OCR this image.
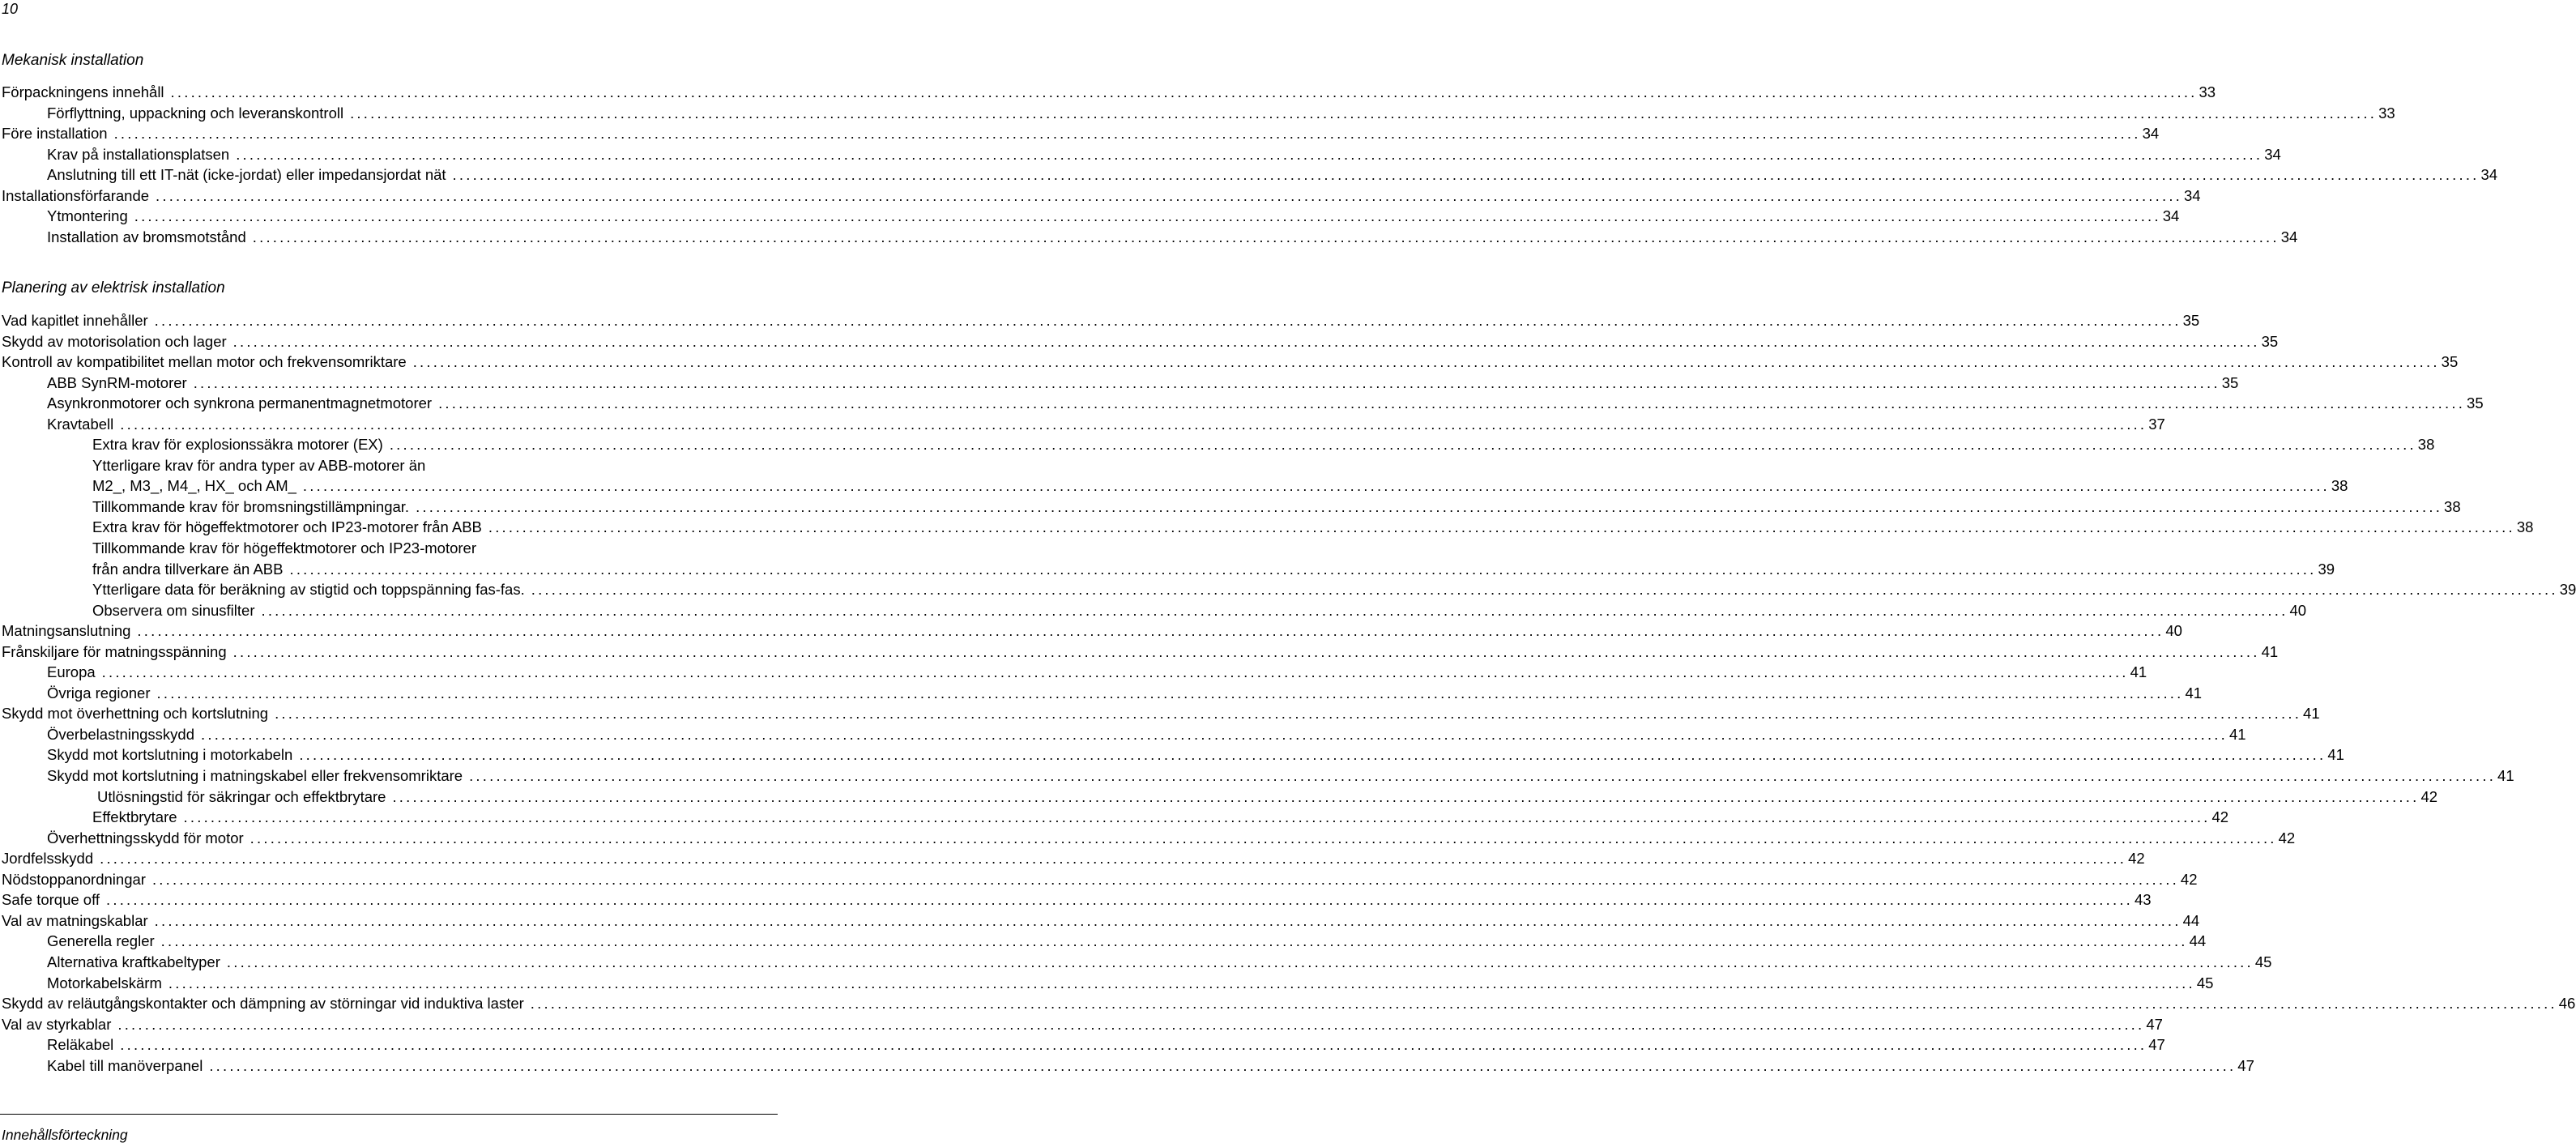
10
Mekanisk installation
Förpackningens innehåll ............................................................................................................................................................................................................................................................................................................ 33
Förflyttning, uppackning och leveranskontroll ............................................................................................................................................................................................................................................................................................................ 33
Före installation ............................................................................................................................................................................................................................................................................................................ 34
Krav på installationsplatsen ............................................................................................................................................................................................................................................................................................................ 34
Anslutning till ett IT-nät (icke-jordat) eller impedansjordat nät ............................................................................................................................................................................................................................................................................................................ 34
Installationsförfarande ............................................................................................................................................................................................................................................................................................................ 34
Ytmontering ............................................................................................................................................................................................................................................................................................................ 34
Installation av bromsmotstånd ............................................................................................................................................................................................................................................................................................................ 34
Planering av elektrisk installation
Vad kapitlet innehåller ............................................................................................................................................................................................................................................................................................................ 35
Skydd av motorisolation och lager ............................................................................................................................................................................................................................................................................................................ 35
Kontroll av kompatibilitet mellan motor och frekvensomriktare ............................................................................................................................................................................................................................................................................................................ 35
ABB SynRM-motorer ............................................................................................................................................................................................................................................................................................................ 35
Asynkronmotorer och synkrona permanentmagnetmotorer ............................................................................................................................................................................................................................................................................................................ 35
Kravtabell ............................................................................................................................................................................................................................................................................................................ 37
Extra krav för explosionssäkra motorer (EX) ............................................................................................................................................................................................................................................................................................................ 38
Ytterligare krav för andra typer av ABB-motorer än
M2_, M3_, M4_, HX_ och AM_ ............................................................................................................................................................................................................................................................................................................ 38
Tillkommande krav för bromsningstillämpningar. ............................................................................................................................................................................................................................................................................................................ 38
Extra krav för högeffektmotorer och IP23-motorer från ABB ............................................................................................................................................................................................................................................................................................................ 38
Tillkommande krav för högeffektmotorer och IP23-motorer
från andra tillverkare än ABB ............................................................................................................................................................................................................................................................................................................ 39
Ytterligare data för beräkning av stigtid och toppspänning fas-fas. ............................................................................................................................................................................................................................................................................................................ 39
Observera om sinusfilter ............................................................................................................................................................................................................................................................................................................ 40
Matningsanslutning ............................................................................................................................................................................................................................................................................................................ 40
Frånskiljare för matningsspänning ............................................................................................................................................................................................................................................................................................................ 41
Europa ............................................................................................................................................................................................................................................................................................................ 41
Övriga regioner ............................................................................................................................................................................................................................................................................................................ 41
Skydd mot överhettning och kortslutning ............................................................................................................................................................................................................................................................................................................ 41
Överbelastningsskydd ............................................................................................................................................................................................................................................................................................................ 41
Skydd mot kortslutning i motorkabeln ............................................................................................................................................................................................................................................................................................................ 41
Skydd mot kortslutning i matningskabel eller frekvensomriktare ............................................................................................................................................................................................................................................................................................................ 41
Utlösningstid för säkringar och effektbrytare ............................................................................................................................................................................................................................................................................................................ 42
Effektbrytare ............................................................................................................................................................................................................................................................................................................ 42
Överhettningsskydd för motor ............................................................................................................................................................................................................................................................................................................ 42
Jordfelsskydd ............................................................................................................................................................................................................................................................................................................ 42
Nödstoppanordningar ............................................................................................................................................................................................................................................................................................................ 42
Safe torque off ............................................................................................................................................................................................................................................................................................................ 43
Val av matningskablar ............................................................................................................................................................................................................................................................................................................ 44
Generella regler ............................................................................................................................................................................................................................................................................................................ 44
Alternativa kraftkabeltyper ............................................................................................................................................................................................................................................................................................................ 45
Motorkabelskärm ............................................................................................................................................................................................................................................................................................................ 45
Skydd av reläutgångskontakter och dämpning av störningar vid induktiva laster ............................................................................................................................................................................................................................................................................................................ 46
Val av styrkablar ............................................................................................................................................................................................................................................................................................................ 47
Reläkabel ............................................................................................................................................................................................................................................................................................................ 47
Kabel till manöverpanel ............................................................................................................................................................................................................................................................................................................ 47
Innehållsförteckning
